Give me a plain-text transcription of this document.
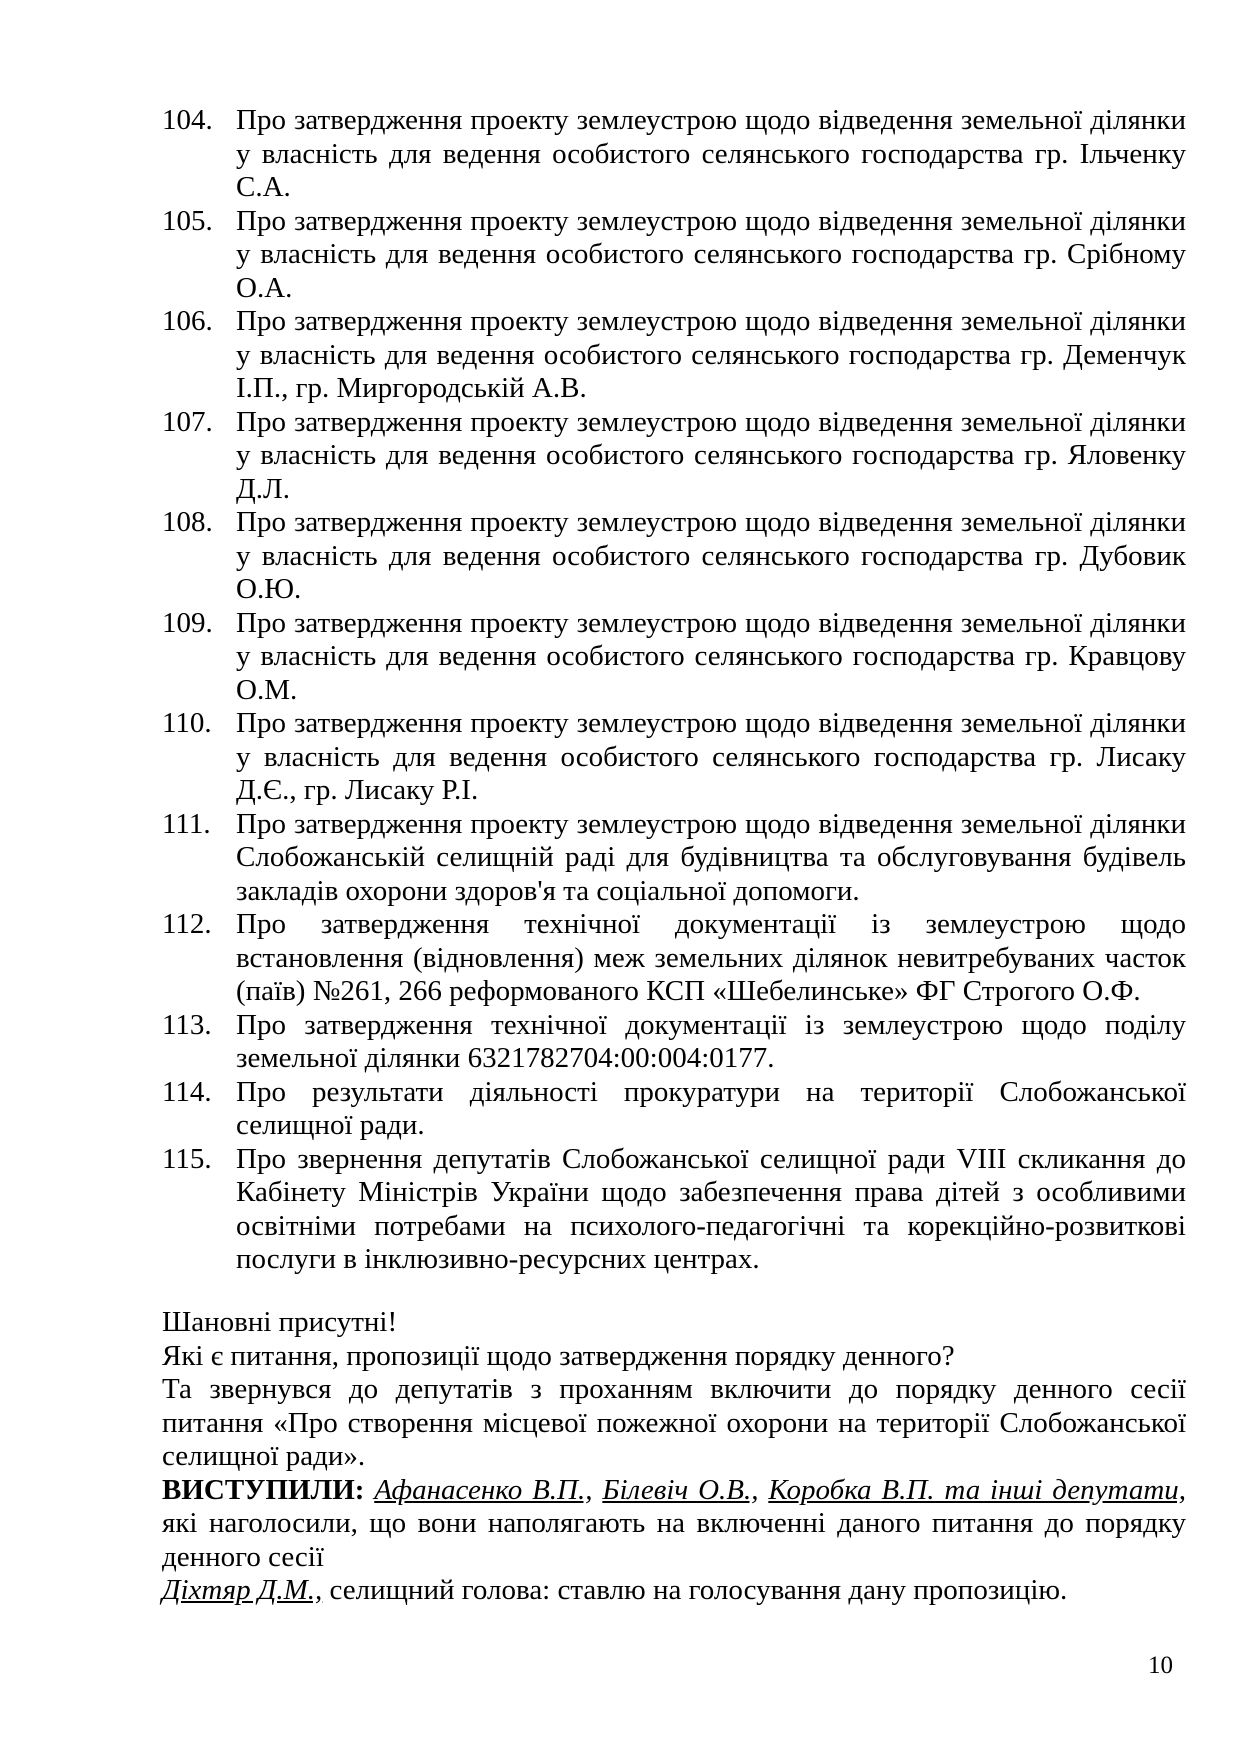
104. Про затвердження проекту землеустрою щодо відведення земельної ділянки у власність для ведення особистого селянського господарства гр. Ільченку С.А.
105. Про затвердження проекту землеустрою щодо відведення земельної ділянки у власність для ведення особистого селянського господарства гр. Срібному О.А.
106. Про затвердження проекту землеустрою щодо відведення земельної ділянки у власність для ведення особистого селянського господарства гр. Деменчук І.П., гр. Миргородській А.В.
107. Про затвердження проекту землеустрою щодо відведення земельної ділянки у власність для ведення особистого селянського господарства гр. Яловенку Д.Л.
108. Про затвердження проекту землеустрою щодо відведення земельної ділянки у власність для ведення особистого селянського господарства гр. Дубовик О.Ю.
109. Про затвердження проекту землеустрою щодо відведення земельної ділянки у власність для ведення особистого селянського господарства гр. Кравцову О.М.
110. Про затвердження проекту землеустрою щодо відведення земельної ділянки у власність для ведення особистого селянського господарства гр. Лисаку Д.Є., гр. Лисаку Р.І.
111. Про затвердження проекту землеустрою щодо відведення земельної ділянки Слобожанській селищній раді для будівництва та обслуговування будівель закладів охорони здоров'я та соціальної допомоги.
112. Про затвердження технічної документації із землеустрою щодо встановлення (відновлення) меж земельних ділянок невитребуваних часток (паїв) №261, 266 реформованого КСП «Шебелинське» ФГ Строгого О.Ф.
113. Про затвердження технічної документації із землеустрою щодо поділу земельної ділянки 6321782704:00:004:0177.
114. Про результати діяльності прокуратури на території Слобожанської селищної ради.
115. Про звернення депутатів Слобожанської селищної ради VIII скликання до Кабінету Міністрів України щодо забезпечення права дітей з особливими освітніми потребами на психолого-педагогічні та корекційно-розвиткові послуги в інклюзивно-ресурсних центрах.

Шановні присутні!

Які є питання, пропозиції щодо затвердження порядку денного?

Та звернувся до депутатів з проханням включити до порядку денного сесії питання «Про створення місцевої пожежної охорони на території Слобожанської селищної ради».

ВИСТУПИЛИ: Афанасенко В.П., Білевіч О.В., Коробка В.П. та інші депутати, які наголосили, що вони наполягають на включенні даного питання до порядку денного сесії

Діхтяр Д.М., селищний голова: ставлю на голосування дану пропозицію.

10
